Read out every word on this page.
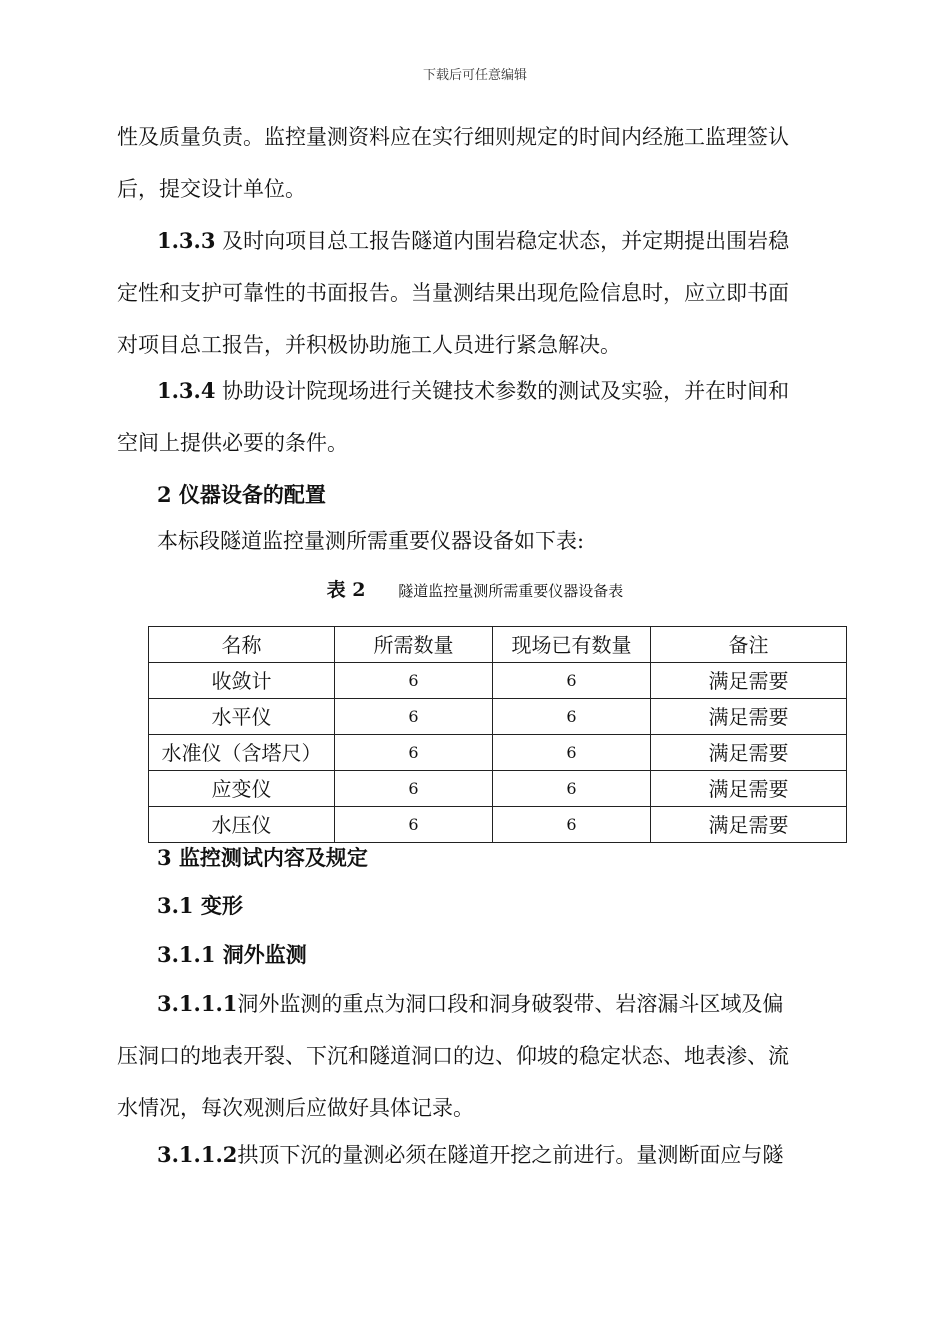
下载后可任意编辑
性及质量负责。监控量测资料应在实行细则规定的时间内经施工监理签认
后，提交设计单位。
1.3.3 及时向项目总工报告隧道内围岩稳定状态，并定期提出围岩稳
定性和支护可靠性的书面报告。当量测结果出现危险信息时，应立即书面
对项目总工报告，并积极协助施工人员进行紧急解决。
1.3.4 协助设计院现场进行关键技术参数的测试及实验，并在时间和
空间上提供必要的条件。
2 仪器设备的配置
本标段隧道监控量测所需重要仪器设备如下表:
表 2 隧道监控量测所需重要仪器设备表
名称	所需数量	现场已有数量	备注
收敛计	6	6	满足需要
水平仪	6	6	满足需要
水准仪（含塔尺）	6	6	满足需要
应变仪	6	6	满足需要
水压仪	6	6	满足需要
3 监控测试内容及规定
3.1 变形
3.1.1 洞外监测
3.1.1.1洞外监测的重点为洞口段和洞身破裂带、岩溶漏斗区域及偏
压洞口的地表开裂、下沉和隧道洞口的边、仰坡的稳定状态、地表渗、流
水情况，每次观测后应做好具体记录。
3.1.1.2拱顶下沉的量测必须在隧道开挖之前进行。量测断面应与隧
